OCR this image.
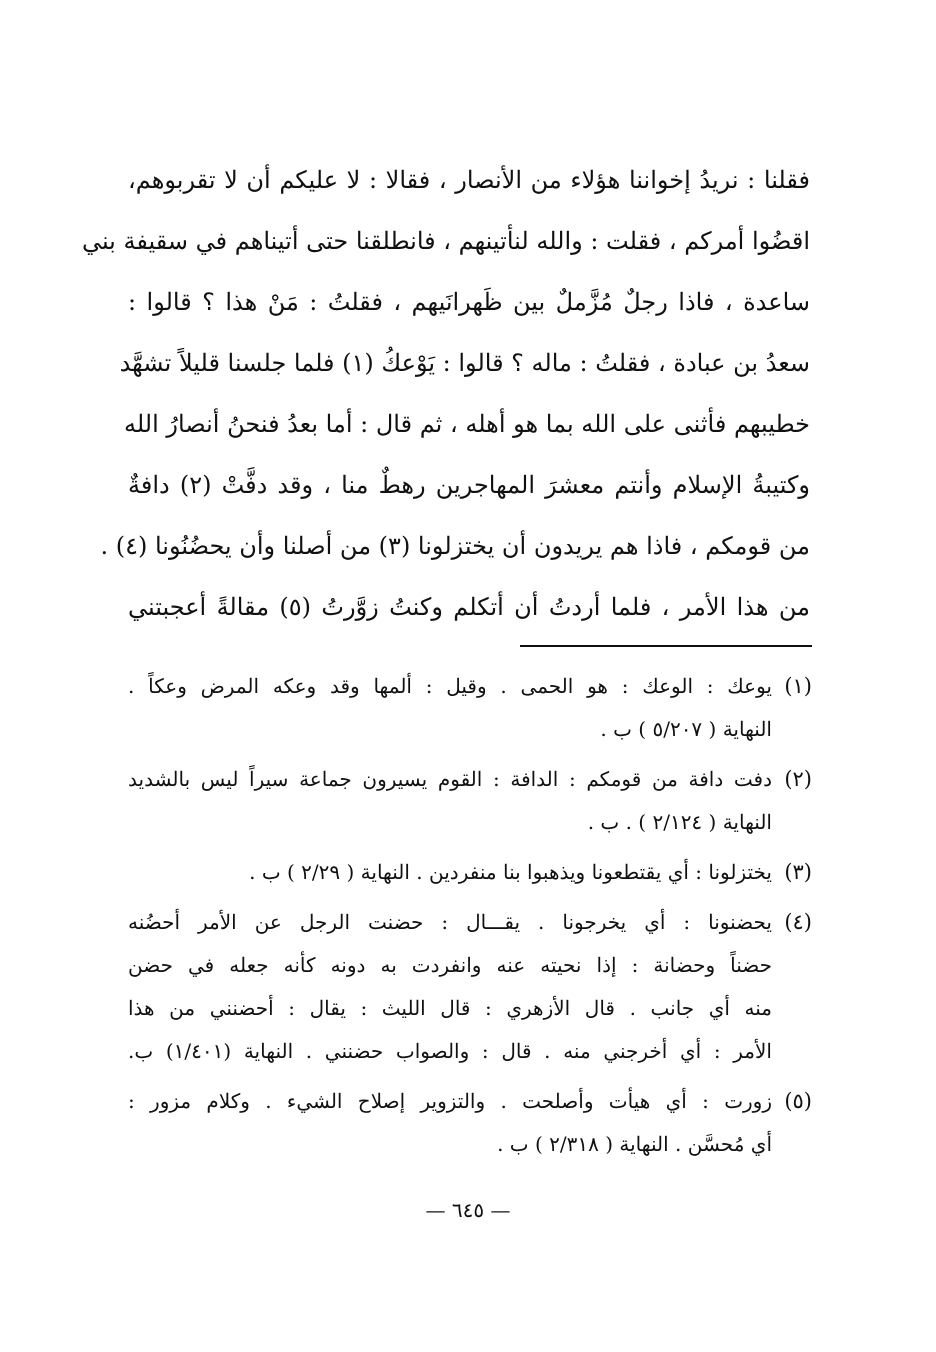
فقلنا : نريدُ إخواننا هؤلاء من الأنصار ، فقالا : لا عليكم أن لا تقربوهم،
اقضُوا أمركم ، فقلت : والله لنأتينهم ، فانطلقنا حتى أتيناهم في سقيفة بني
ساعدة ، فاذا رجلٌ مُزَّملٌ بين ظَهرانَيهم ، فقلتُ : مَنْ هذا ؟ قالوا :
سعدُ بن عبادة ، فقلتُ : ماله ؟ قالوا : يَوْعكُ (١) فلما جلسنا قليلاً تشهَّد
خطيبهم فأثنى على الله بما هو أهله ، ثم قال : أما بعدُ فنحنُ أنصارُ الله
وكتيبةُ الإسلام وأنتم معشرَ المهاجرين رهطٌ منا ، وقد دفَّتْ (٢) دافةٌ
من قومكم ، فاذا هم يريدون أن يختزلونا (٣) من أصلنا وأن يحضُنُونا (٤) .
من هذا الأمر ، فلما أردتُ أن أتكلم وكنتُ زوَّرتُ (٥) مقالةً أعجبتني
(١)
يوعك : الوعك : هو الحمى . وقيل : ألمها وقد وعكه المرض وعكاً .
النهاية ( ٥/٢٠٧ ) ب .
(٢)
دفت دافة من قومكم : الدافة : القوم يسيرون جماعة سيراً ليس بالشديد
النهاية ( ٢/١٢٤ ) . ب .
(٣)
يختزلونا : أي يقتطعونا ويذهبوا بنا منفردين . النهاية ( ٢/٢٩ ) ب .
(٤)
يحضنونا : أي يخرجونا . يقـــال : حضنت الرجل عن الأمر أحضُنه
حضناً وحضانة : إذا نحيته عنه وانفردت به دونه كأنه جعله في حضن
منه أي جانب . قال الأزهري : قال الليث : يقال : أحضنني من هذا
الأمر : أي أخرجني منه . قال : والصواب حضنني . النهاية (١/٤٠١) ب.
(٥)
زورت : أي هيأت وأصلحت . والتزوير إصلاح الشيء . وكلام مزور :
أي مُحسَّن . النهاية ( ٢/٣١٨ ) ب .
— ٦٤٥ —
